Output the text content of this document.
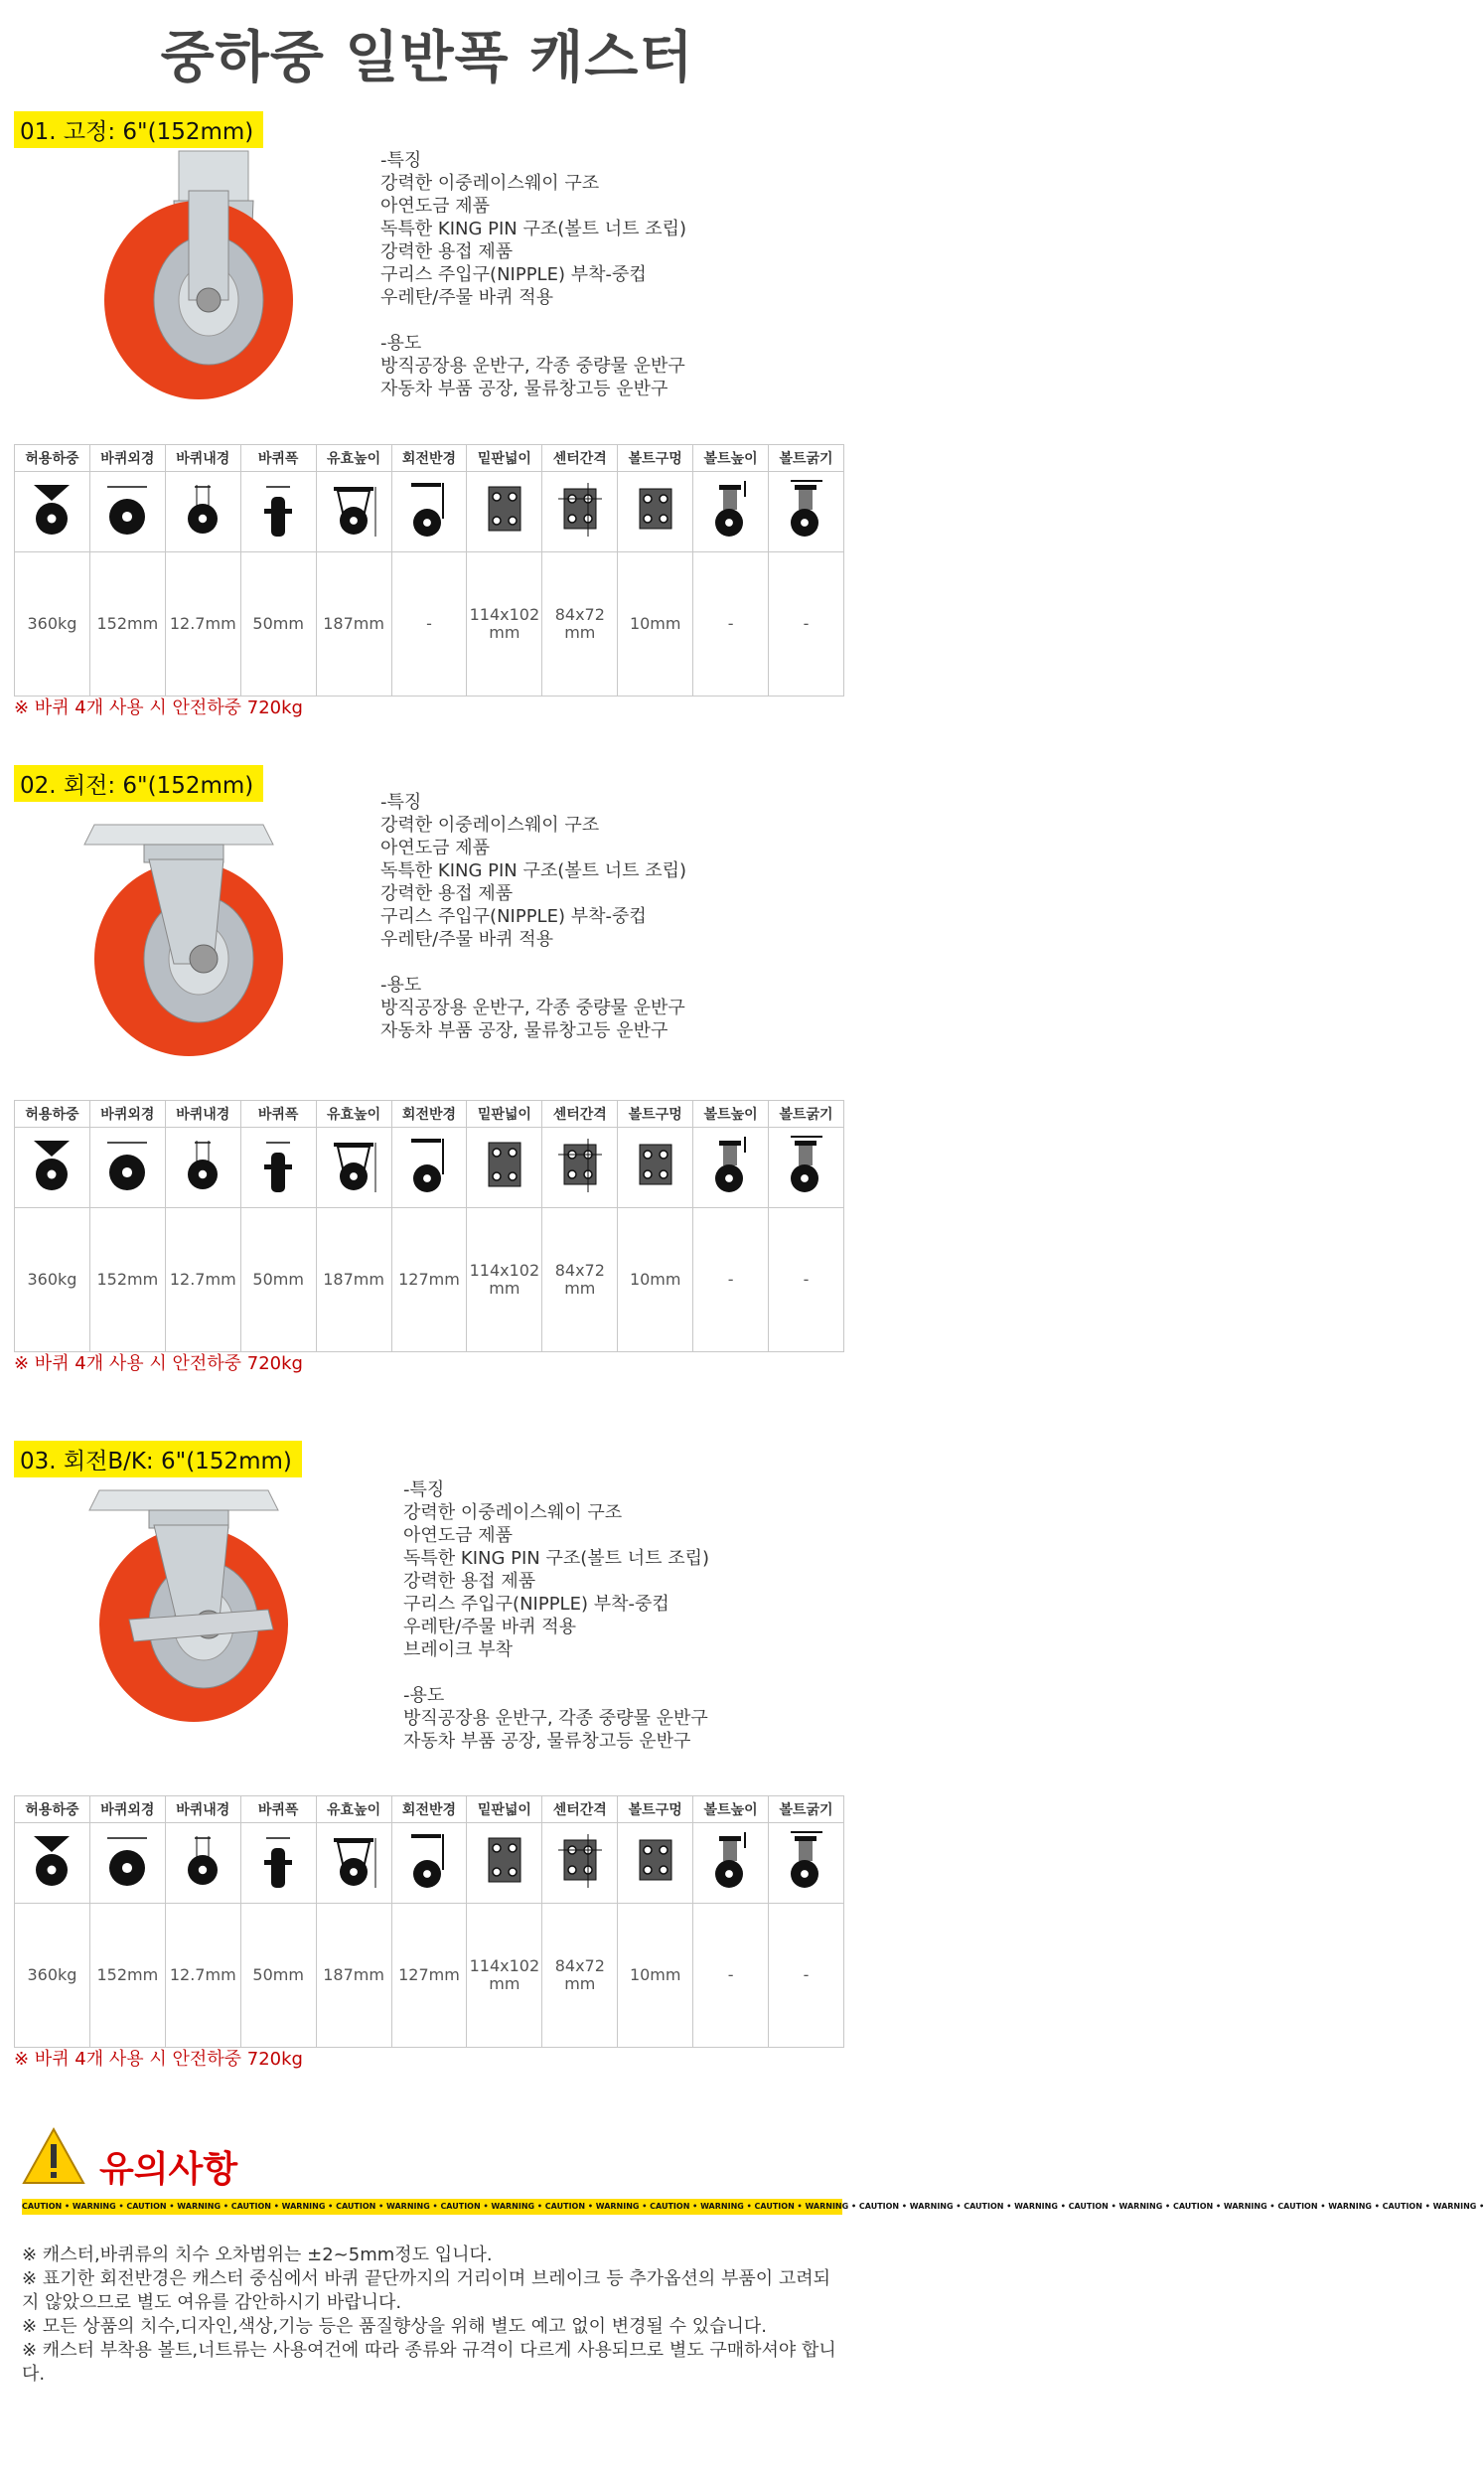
중하중 일반폭 캐스터
01. 고정: 6"(152mm)
-특징
강력한 이중레이스웨이 구조
아연도금 제품
독특한 KING PIN 구조(볼트 너트 조립)
강력한 용접 제품
구리스 주입구(NIPPLE) 부착-중컵
우레탄/주물 바퀴 적용

-용도
방직공장용 운반구, 각종 중량물 운반구
자동차 부품 공장, 물류창고등 운반구
허용하중	바퀴외경	바퀴내경	바퀴폭	유효높이	회전반경	밑판넓이	센터간격	볼트구멍	볼트높이	볼트굵기

360kg	152mm	12.7mm	50mm	187mm	-	114x102
mm	84x72
mm	10mm	-	-
※ 바퀴 4개 사용 시 안전하중 720kg
02. 회전: 6"(152mm)
-특징
강력한 이중레이스웨이 구조
아연도금 제품
독특한 KING PIN 구조(볼트 너트 조립)
강력한 용접 제품
구리스 주입구(NIPPLE) 부착-중컵
우레탄/주물 바퀴 적용

-용도
방직공장용 운반구, 각종 중량물 운반구
자동차 부품 공장, 물류창고등 운반구
허용하중	바퀴외경	바퀴내경	바퀴폭	유효높이	회전반경	밑판넓이	센터간격	볼트구멍	볼트높이	볼트굵기

360kg	152mm	12.7mm	50mm	187mm	127mm	114x102
mm	84x72
mm	10mm	-	-
※ 바퀴 4개 사용 시 안전하중 720kg
03. 회전B/K: 6"(152mm)
-특징
강력한 이중레이스웨이 구조
아연도금 제품
독특한 KING PIN 구조(볼트 너트 조립)
강력한 용접 제품
구리스 주입구(NIPPLE) 부착-중컵
우레탄/주물 바퀴 적용
브레이크 부착

-용도
방직공장용 운반구, 각종 중량물 운반구
자동차 부품 공장, 물류창고등 운반구
허용하중	바퀴외경	바퀴내경	바퀴폭	유효높이	회전반경	밑판넓이	센터간격	볼트구멍	볼트높이	볼트굵기

360kg	152mm	12.7mm	50mm	187mm	127mm	114x102
mm	84x72
mm	10mm	-	-
※ 바퀴 4개 사용 시 안전하중 720kg
유의사항
CAUTION • WARNING • CAUTION • WARNING • CAUTION • WARNING • CAUTION • WARNING • CAUTION • WARNING • CAUTION • WARNING • CAUTION • WARNING • CAUTION • WARNING • CAUTION • WARNING • CAUTION • WARNING • CAUTION • WARNING • CAUTION • WARNING • CAUTION • WARNING • CAUTION • WARNING •

※ 캐스터,바퀴류의 치수 오차범위는 ±2~5mm정도 입니다.

※ 표기한 회전반경은 캐스터 중심에서 바퀴 끝단까지의 거리이며 브레이크 등 추가옵션의 부품이 고려되지 않았으므로 별도 여유를 감안하시기 바랍니다.

※ 모든 상품의 치수,디자인,색상,기능 등은 품질향상을 위해 별도 예고 없이 변경될 수 있습니다.

※ 캐스터 부착용 볼트,너트류는 사용여건에 따라 종류와 규격이 다르게 사용되므로 별도 구매하셔야 합니다.
